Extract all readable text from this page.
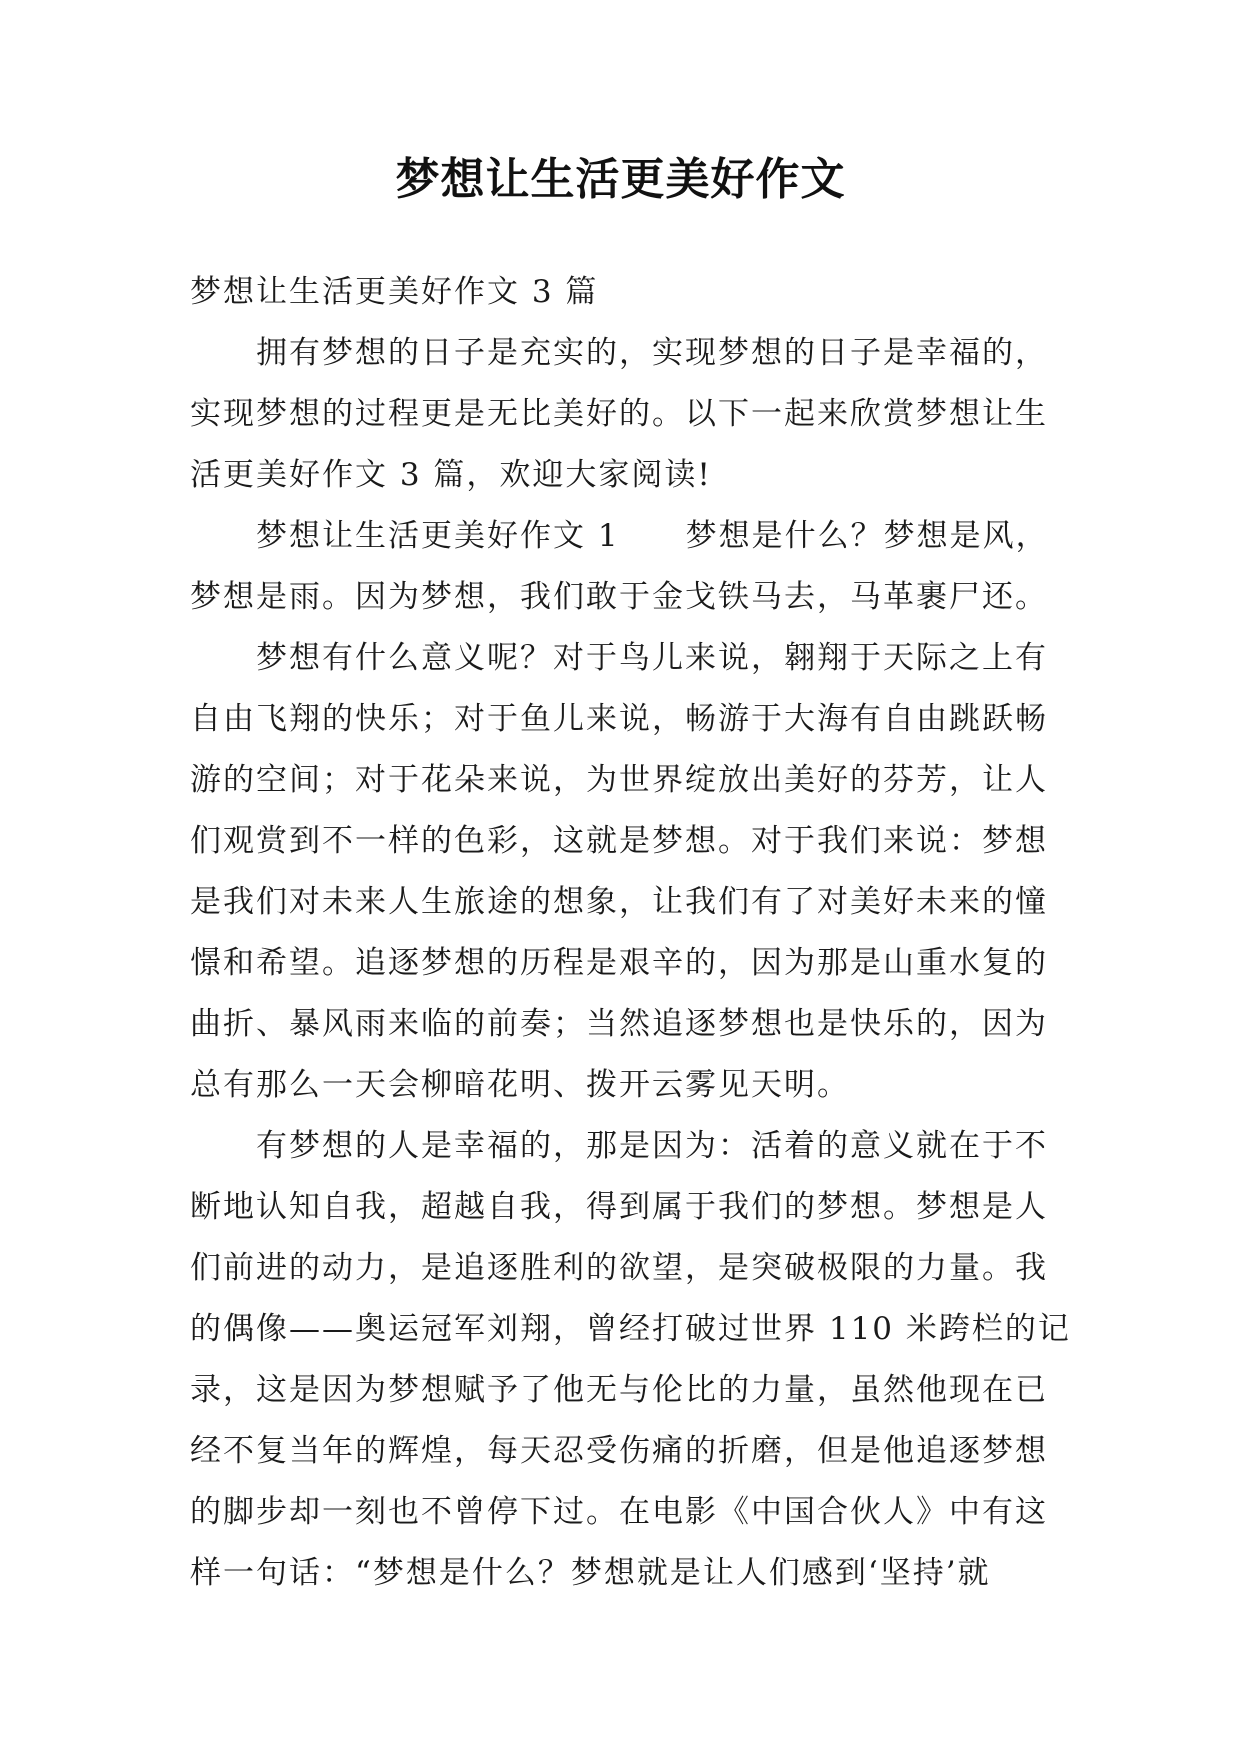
梦想让生活更美好作文
梦想让生活更美好作文 3 篇
拥有梦想的日子是充实的，实现梦想的日子是幸福的，
实现梦想的过程更是无比美好的。以下一起来欣赏梦想让生
活更美好作文 3 篇，欢迎大家阅读!
梦想让生活更美好作文 1　　梦想是什么？梦想是风，
梦想是雨。因为梦想，我们敢于金戈铁马去，马革裹尸还。
梦想有什么意义呢？对于鸟儿来说，翱翔于天际之上有
自由飞翔的快乐；对于鱼儿来说，畅游于大海有自由跳跃畅
游的空间；对于花朵来说，为世界绽放出美好的芬芳，让人
们观赏到不一样的色彩，这就是梦想。对于我们来说：梦想
是我们对未来人生旅途的想象，让我们有了对美好未来的憧
憬和希望。追逐梦想的历程是艰辛的，因为那是山重水复的
曲折、暴风雨来临的前奏；当然追逐梦想也是快乐的，因为
总有那么一天会柳暗花明、拨开云雾见天明。
有梦想的人是幸福的，那是因为：活着的意义就在于不
断地认知自我，超越自我，得到属于我们的梦想。梦想是人
们前进的动力，是追逐胜利的欲望，是突破极限的力量。我
的偶像——奥运冠军刘翔，曾经打破过世界 110 米跨栏的记
录，这是因为梦想赋予了他无与伦比的力量，虽然他现在已
经不复当年的辉煌，每天忍受伤痛的折磨，但是他追逐梦想
的脚步却一刻也不曾停下过。在电影《中国合伙人》中有这
样一句话：“梦想是什么？梦想就是让人们感到‘坚持’就
